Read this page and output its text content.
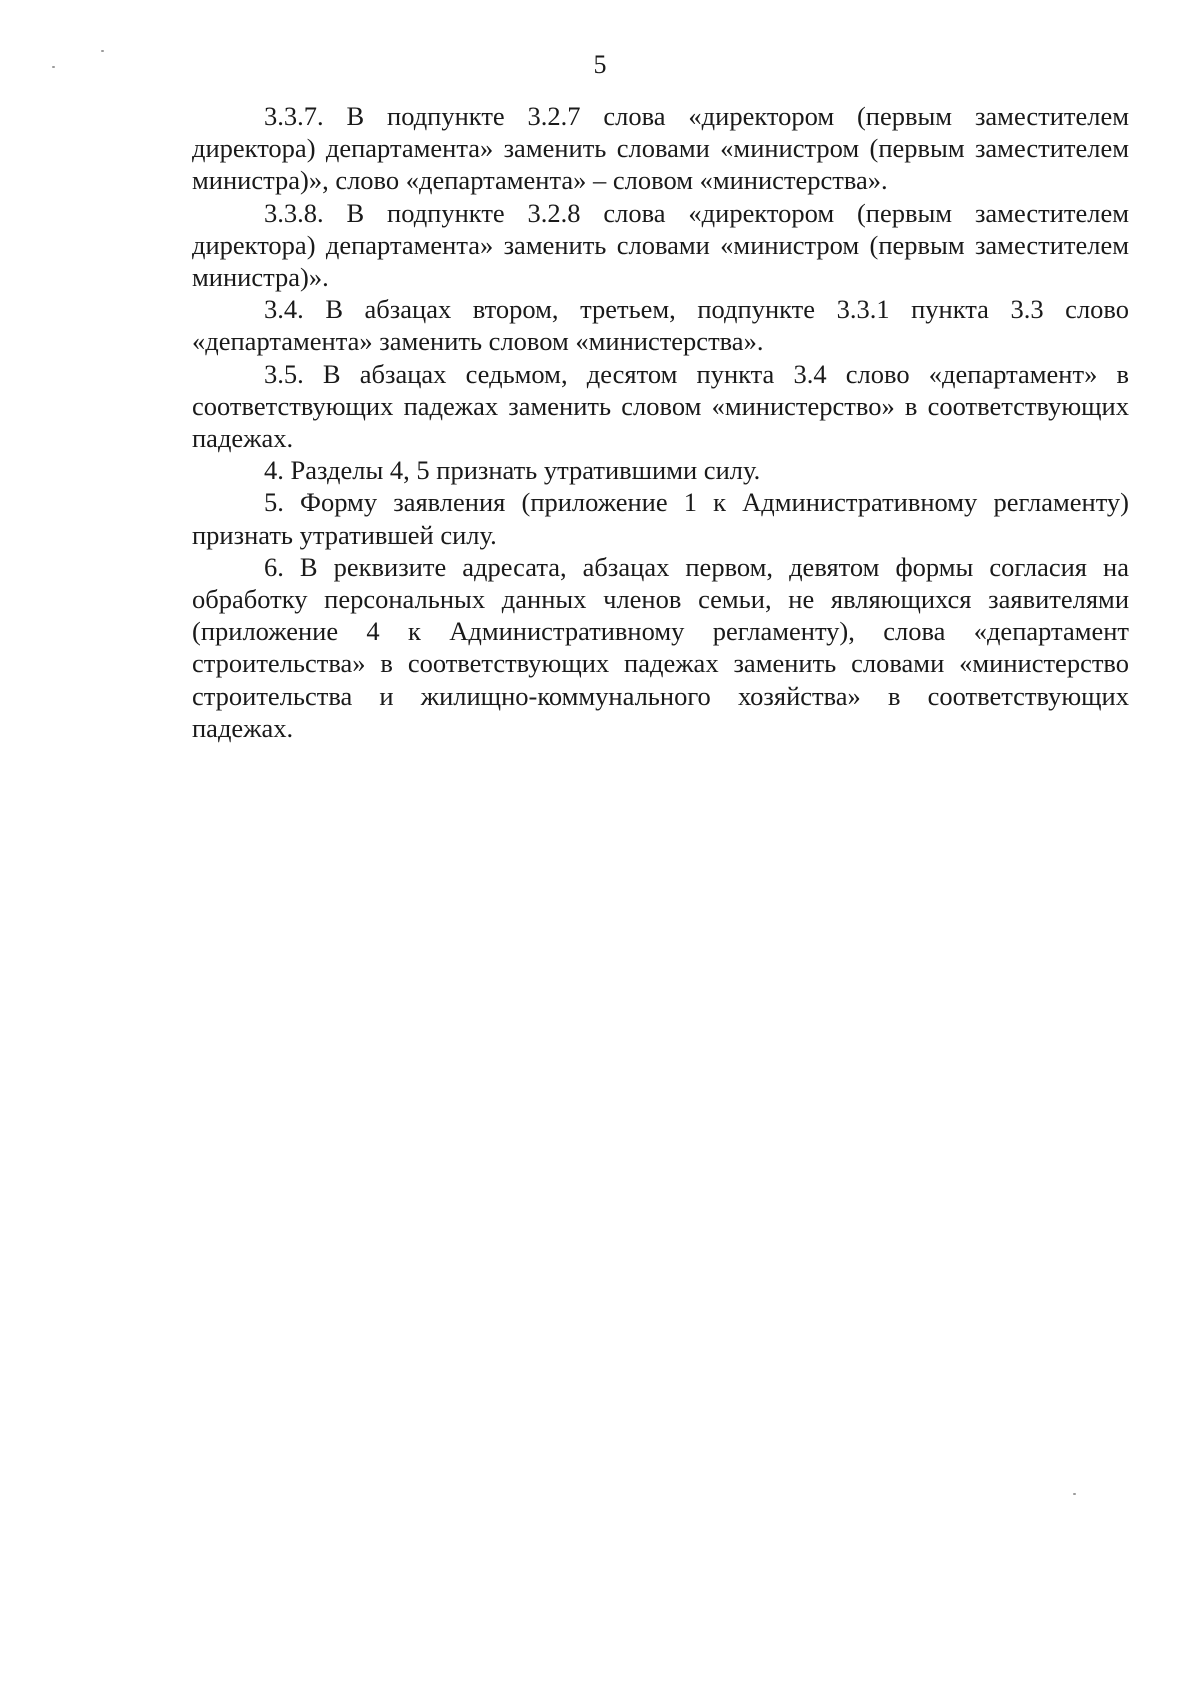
5

3.3.7. В подпункте 3.2.7 слова «директором (первым заместителем директора) департамента» заменить словами «министром (первым заместителем министра)», слово «департамента» – словом «министерства».

3.3.8. В подпункте 3.2.8 слова «директором (первым заместителем директора) департамента» заменить словами «министром (первым заместителем министра)».

3.4. В абзацах втором, третьем, подпункте 3.3.1 пункта 3.3 слово «департамента» заменить словом «министерства».

3.5. В абзацах седьмом, десятом пункта 3.4 слово «департамент» в соответствующих падежах заменить словом «министерство» в соответствующих падежах.

4. Разделы 4, 5 признать утратившими силу.

5. Форму заявления (приложение 1 к Административному регламенту) признать утратившей силу.

6. В реквизите адресата, абзацах первом, девятом формы согласия на обработку персональных данных членов семьи, не являющихся заявителями (приложение 4 к Административному регламенту), слова «департамент строительства» в соответствующих падежах заменить словами «министерство строительства и жилищно-коммунального хозяйства» в соответствующих падежах.
